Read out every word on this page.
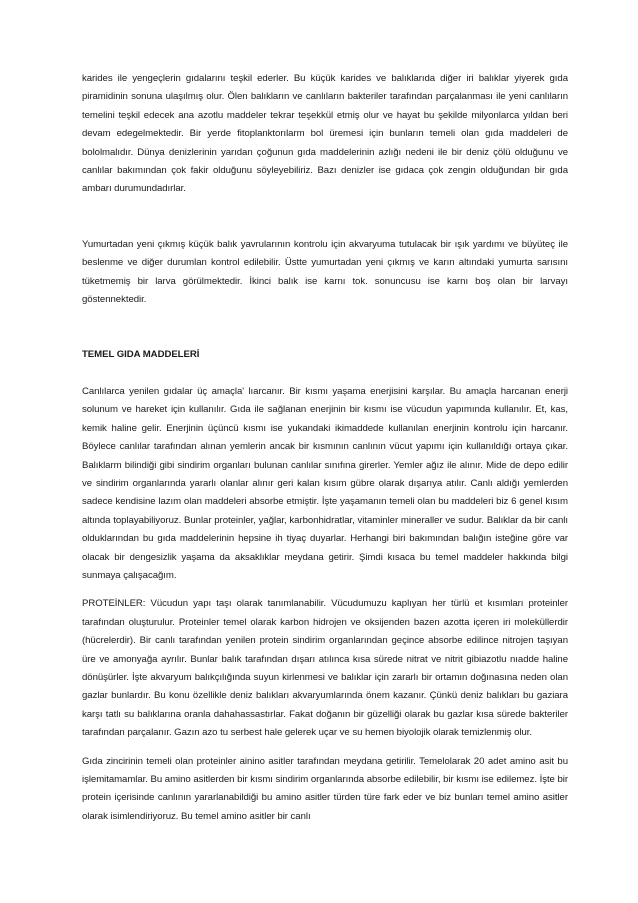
karides ile yengeçlerin gıdalarını teşkil ederler. Bu küçük karides ve balıklarıda diğer iri balıklar yiyerek gıda piramidinin sonuna ulaşılmış olur. Ölen balıkların ve canlıların bakteriler tarafından parçalanması ile yeni canlıların temelini teşkil edecek ana azotlu maddeler tekrar teşekkül etmiş olur ve hayat bu şekilde milyonlarca yıldan beri devam edegelmektedir. Bir yerde fitoplanktorılarm bol üremesi için bunların temeli olan gıda maddeleri de bololmalıdır. Dünya denizlerinin yarıdan çoğunun gıda maddelerinin azlığı nedeni ile bir deniz çölü olduğunu ve canlılar bakımından çok fakir olduğunu söyleyebiliriz. Bazı denizler ise gıdaca çok zengin olduğundan bir gıda ambarı durumundadırlar.

Yumurtadan yeni çıkmış küçük balık yavrularının kontrolu için akvaryuma tutulacak bir ışık yardımı ve büyüteç ile beslenme ve diğer durumlan kontrol edilebilir. Üstte yumurtadan yeni çıkmış ve karın altındaki yumurta sarısını tüketmemiş bir larva görülmektedir. İkinci balık ise karnı tok. sonuncusu ise karnı boş olan bir larvayı göstennektedir.

TEMEL GIDA MADDELERİ

Canlılarca yenilen gıdalar üç amaçla' lıarcanır. Bir kısmı yaşama enerjisini karşılar. Bu amaçla harcanan enerji solunum ve hareket için kullanılır. Gıda ile sağlanan enerjinin bir kısmı ise vücudun yapımında kullanılır. Et, kas, kemik haline gelir. Enerjinin üçüncü kısmı ise yukandaki ikimaddede kullanılan enerjinin kontrolu için harcanır. Böylece canlılar tarafından alınan yemlerin ancak bir kısmının canlının vücut yapımı için kullanıldığı ortaya çıkar. Balıklarm bilindiği gibi sindirim organları bulunan canlılar sınıfına girerler. Yemler ağız ile alınır. Mide de depo edilir ve sindirim organlarında yararlı olanlar alınır geri kalan kısım gübre olarak dışarıya atılır. Canlı aldığı yemlerden sadece kendisine lazım olan maddeleri absorbe etmiştir. İşte yaşamanın temeli olan bu maddeleri biz 6 genel kısım altında toplayabiliyoruz. Bunlar proteinler, yağlar, karbonhidratlar, vitaminler mineraller ve sudur. Balıklar da bir canlı olduklarından bu gıda maddelerinin hepsine ih tiyaç duyarlar. Herhangi biri bakımından balığın isteğine göre var olacak bir dengesizlik yaşama da aksaklıklar meydana getirir. Şimdi kısaca bu temel maddeler hakkında bilgi sunmaya çalışacağım.

PROTEİNLER: Vücudun yapı taşı olarak tanımlanabilir. Vücudumuzu kaplıyan her türlü et kısımları proteinler tarafından oluşturulur. Proteinler temel olarak karbon hidrojen ve oksijenden bazen azotta içeren iri moleküllerdir (hücrelerdir). Bir canlı tarafından yenilen protein sindirim organlarından geçince absorbe edilince nitrojen taşıyan üre ve amonyağa ayrılır. Bunlar balık tarafından dışarı atılınca kısa sürede nitrat ve nitrit gibiazotlu nıadde haline dönüşürler. İşte akvaryum balıkçılığında suyun kirlenmesi ve balıklar için zararlı bir ortamın doğınasına neden olan gazlar bunlardır. Bu konu özellikle deniz balıkları akvaryumlarında önem kazanır. Çünkü deniz balıkları bu gaziara karşı tatlı su balıklarına oranla dahahassastırlar. Fakat doğanın bir güzelliği olarak bu gazlar kısa sürede bakteriler tarafından parçalanır. Gazın azo tu serbest hale gelerek uçar ve su hemen biyolojik olarak temizlenmiş olur.

Gıda zincirinin temeli olan proteinler ainino asitler tarafından meydana getirilir. Temelolarak 20 adet amino asit bu işlemitamamlar. Bu amino asitlerden bir kısmı sindirim organlarında absorbe edilebilir, bir kısmı ise edilemez. İşte bir protein içerisinde canlının yararlanabildiği bu amino asitler türden türe fark eder ve biz bunları temel amino asitler olarak isimlendiriyoruz. Bu temel amino asitler bir canlı
